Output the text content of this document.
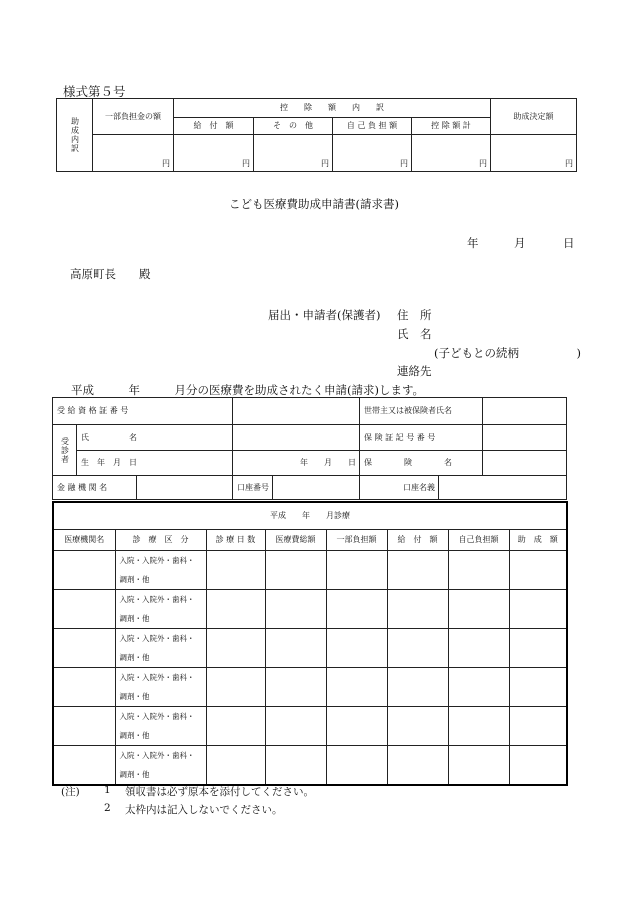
様式第５号
助成内訳	一部負担金の額	控　　除　　額　　内　　訳				助成決定額
		給　付　額	そ　の　他	自 己 負 担 額	控 除 額 計	
	円	円	円	円	円	円
こども医療費助成申請書(請求書)
年	月	日
高原町長　　殿
届出・申請者(保護者) 住　所
氏　名
(子どもとの続柄　　　　　)
連絡先
平成　　　年　　　月分の医療費を助成されたく申請(請求)します。
受 給 資 格 証 番 号					世帯主又は被保険者氏名		

受診者	氏　　　　　名				保 険 証 記 号 番 号		
	生　年　月　日		年　　月　　日		保　　　　険　　　　名		
金 融 機 関 名			口座番号		口座名義		
平成　　年　　月診療							
医療機関名	診　療　区　分	診 療 日 数	医療費総額	一部負担額	給　付　額	自己負担額	助　成　額

	入院・入院外・歯科・
調剤・他						

	入院・入院外・歯科・
調剤・他						

	入院・入院外・歯科・
調剤・他						

	入院・入院外・歯科・
調剤・他						

	入院・入院外・歯科・
調剤・他						

	入院・入院外・歯科・
調剤・他						

(注) 1 領収書は必ず原本を添付してください。
2 太枠内は記入しないでください。
